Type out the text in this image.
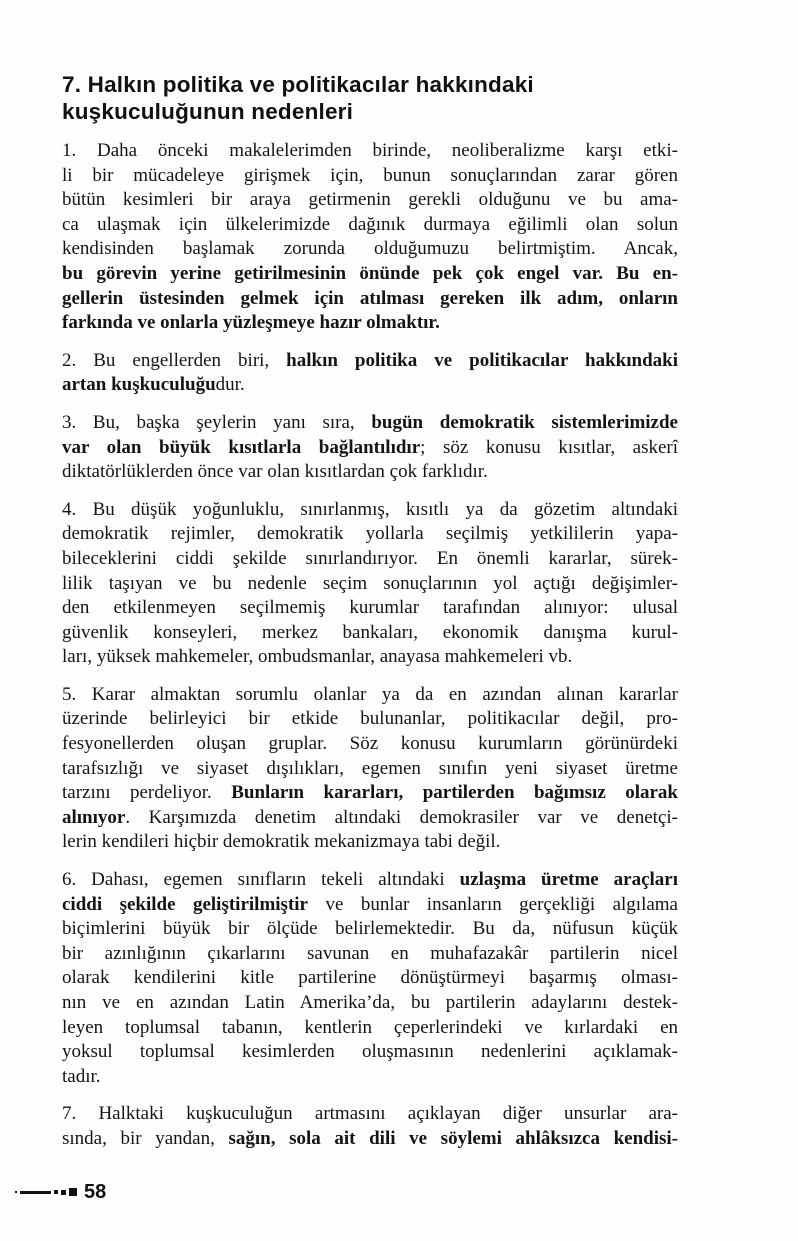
7. Halkın politika ve politikacılar hakkındaki
kuşkuculuğunun nedenleri

1. Daha önceki makalelerimden birinde, neoliberalizme karşı etki-
li bir mücadeleye girişmek için, bunun sonuçlarından zarar gören
bütün kesimleri bir araya getirmenin gerekli olduğunu ve bu ama-
ca ulaşmak için ülkelerimizde dağınık durmaya eğilimli olan solun
kendisinden başlamak zorunda olduğumuzu belirtmiştim. Ancak,
bu görevin yerine getirilmesinin önünde pek çok engel var. Bu en-
gellerin üstesinden gelmek için atılması gereken ilk adım, onların
farkında ve onlarla yüzleşmeye hazır olmaktır.

2. Bu engellerden biri, halkın politika ve politikacılar hakkındaki
artan kuşkuculuğudur.

3. Bu, başka şeylerin yanı sıra, bugün demokratik sistemlerimizde
var olan büyük kısıtlarla bağlantılıdır; söz konusu kısıtlar, askerî
diktatörlüklerden önce var olan kısıtlardan çok farklıdır.

4. Bu düşük yoğunluklu, sınırlanmış, kısıtlı ya da gözetim altındaki
demokratik rejimler, demokratik yollarla seçilmiş yetkililerin yapa-
bileceklerini ciddi şekilde sınırlandırıyor. En önemli kararlar, sürek-
lilik taşıyan ve bu nedenle seçim sonuçlarının yol açtığı değişimler-
den etkilenmeyen seçilmemiş kurumlar tarafından alınıyor: ulusal
güvenlik konseyleri, merkez bankaları, ekonomik danışma kurul-
ları, yüksek mahkemeler, ombudsmanlar, anayasa mahkemeleri vb.

5. Karar almaktan sorumlu olanlar ya da en azından alınan kararlar
üzerinde belirleyici bir etkide bulunanlar, politikacılar değil, pro-
fesyonellerden oluşan gruplar. Söz konusu kurumların görünürdeki
tarafsızlığı ve siyaset dışılıkları, egemen sınıfın yeni siyaset üretme
tarzını perdeliyor. Bunların kararları, partilerden bağımsız olarak
alınıyor. Karşımızda denetim altındaki demokrasiler var ve denetçi-
lerin kendileri hiçbir demokratik mekanizmaya tabi değil.

6. Dahası, egemen sınıfların tekeli altındaki uzlaşma üretme araçları
ciddi şekilde geliştirilmiştir ve bunlar insanların gerçekliği algılama
biçimlerini büyük bir ölçüde belirlemektedir. Bu da, nüfusun küçük
bir azınlığının çıkarlarını savunan en muhafazakâr partilerin nicel
olarak kendilerini kitle partilerine dönüştürmeyi başarmış olması-
nın ve en azından Latin Amerika’da, bu partilerin adaylarını destek-
leyen toplumsal tabanın, kentlerin çeperlerindeki ve kırlardaki en
yoksul toplumsal kesimlerden oluşmasının nedenlerini açıklamak-
tadır.

7. Halktaki kuşkuculuğun artmasını açıklayan diğer unsurlar ara-
sında, bir yandan, sağın, sola ait dili ve söylemi ahlâksızca kendisi-

58
